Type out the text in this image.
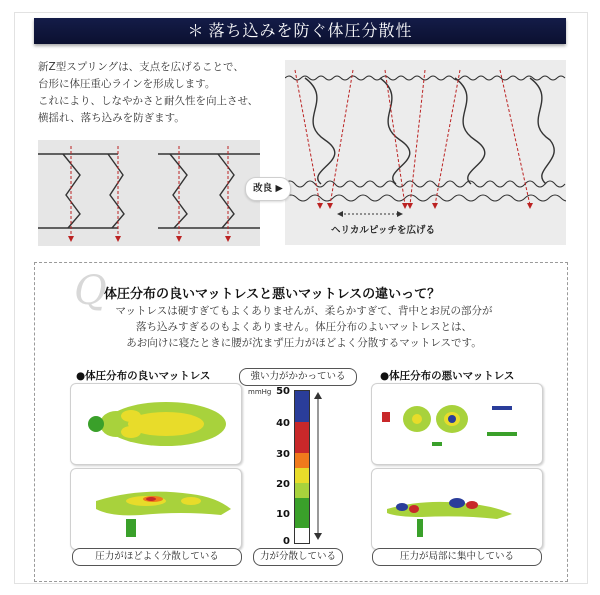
＊ 落ち込みを防ぐ体圧分散性

新Z型スプリングは、支点を広げることで、

台形に体圧重心ラインを形成します。

これにより、しなやかさと耐久性を向上させ、

横揺れ、落ち込みを防ぎます。

改良 ▶
ヘリカルピッチを広げる
Q
体圧分布の良いマットレスと悪いマットレスの違いって？

マットレスは硬すぎてもよくありませんが、柔らかすぎて、背中とお尻の部分が

落ち込みすぎるのもよくありません。体圧分布のよいマットレスとは、

あお向けに寝たときに腰が沈まず圧力がほどよく分散するマットレスです。

●体圧分布の良いマットレス
圧力がほどよく分散している
強い力がかかっている
mmHg 50
40
30
20
10
0
力が分散している
●体圧分布の悪いマットレス
圧力が局部に集中している
